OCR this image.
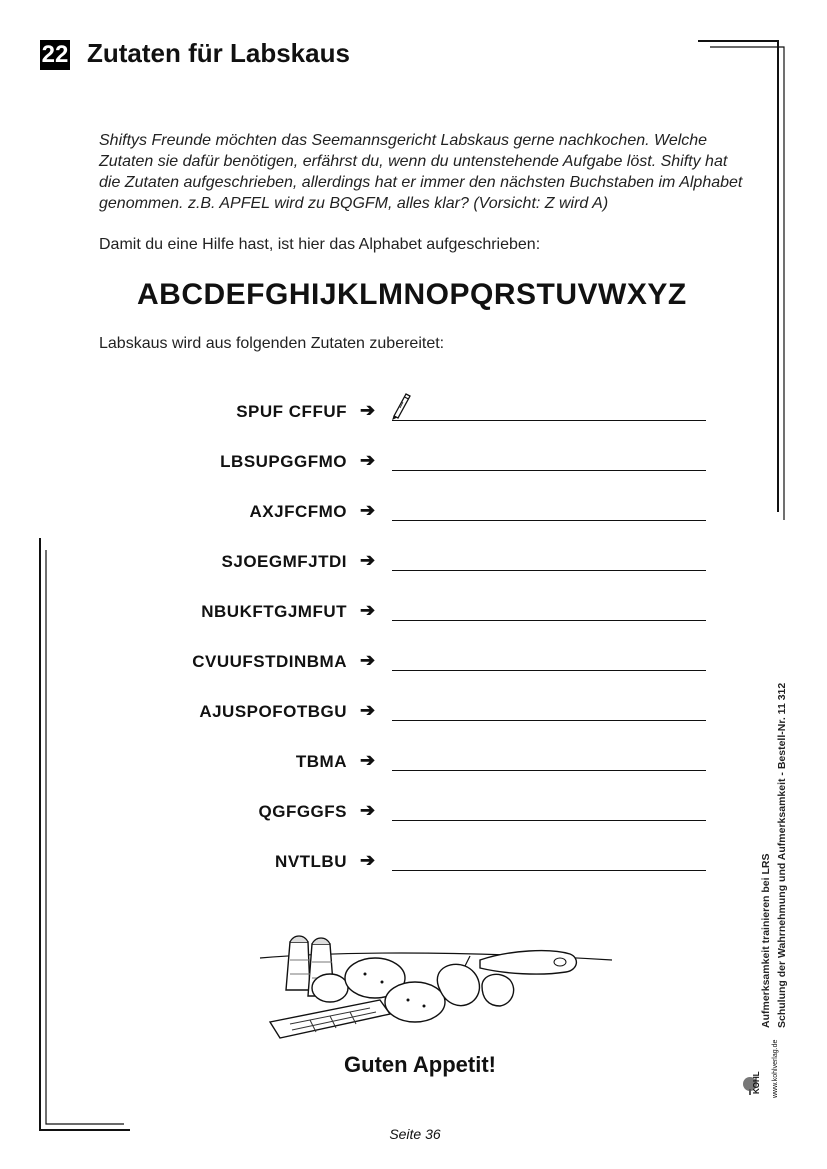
22 Zutaten für Labskaus
Shiftys Freunde möchten das Seemannsgericht Labskaus gerne nachkochen. Welche Zutaten sie dafür benötigen, erfährst du, wenn du untenstehende Aufgabe löst. Shifty hat die Zutaten aufgeschrieben, allerdings hat er immer den nächsten Buchstaben im Alphabet genommen. z.B. APFEL wird zu BQGFM, alles klar? (Vorsicht: Z wird A)
Damit du eine Hilfe hast, ist hier das Alphabet aufgeschrieben:
ABCDEFGHIJKLMNOPQRSTUVWXYZ
Labskaus wird aus folgenden Zutaten zubereitet:
SPUF CFFUF ➔
LBSUPGGFMO ➔
AXJFCFMO ➔
SJOEGMFJTDI ➔
NBUKFTGJMFUT ➔
CVUUFSTDINBMA ➔
AJUSPOFOTBGU ➔
TBMA ➔
QGFGGFS ➔
NVTLBU ➔
Guten Appetit!
Seite 36
Aufmerksamkeit trainieren bei LRS Schulung der Wahrnehmung und Aufmerksamkeit - Bestell-Nr. 11 312
KOHL www.kohlverlag.de
